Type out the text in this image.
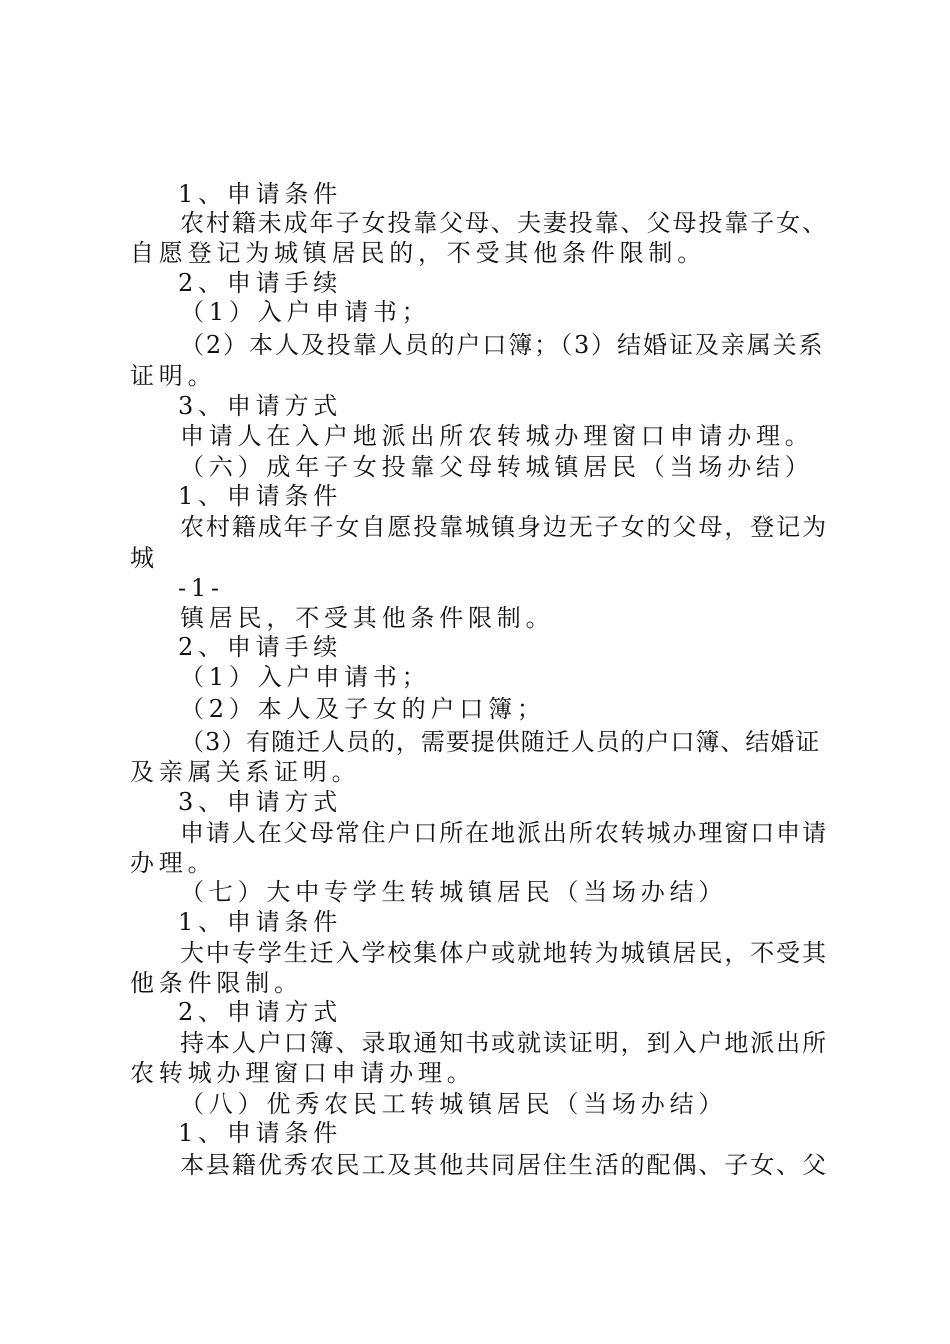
1、申请条件
农村籍未成年子女投靠父母、夫妻投靠、父母投靠子女、
自愿登记为城镇居民的，不受其他条件限制。
2、申请手续
（1）入户申请书；
（2）本人及投靠人员的户口簿；（3）结婚证及亲属关系
证明。
3、申请方式
申请人在入户地派出所农转城办理窗口申请办理。
（六）成年子女投靠父母转城镇居民（当场办结）
1、申请条件
农村籍成年子女自愿投靠城镇身边无子女的父母，登记为
城
-1-
镇居民，不受其他条件限制。
2、申请手续
（1）入户申请书；
（2）本人及子女的户口簿；
（3）有随迁人员的，需要提供随迁人员的户口簿、结婚证
及亲属关系证明。
3、申请方式
申请人在父母常住户口所在地派出所农转城办理窗口申请
办理。
（七）大中专学生转城镇居民（当场办结）
1、申请条件
大中专学生迁入学校集体户或就地转为城镇居民，不受其
他条件限制。
2、申请方式
持本人户口簿、录取通知书或就读证明，到入户地派出所
农转城办理窗口申请办理。
（八）优秀农民工转城镇居民（当场办结）
1、申请条件
本县籍优秀农民工及其他共同居住生活的配偶、子女、父
